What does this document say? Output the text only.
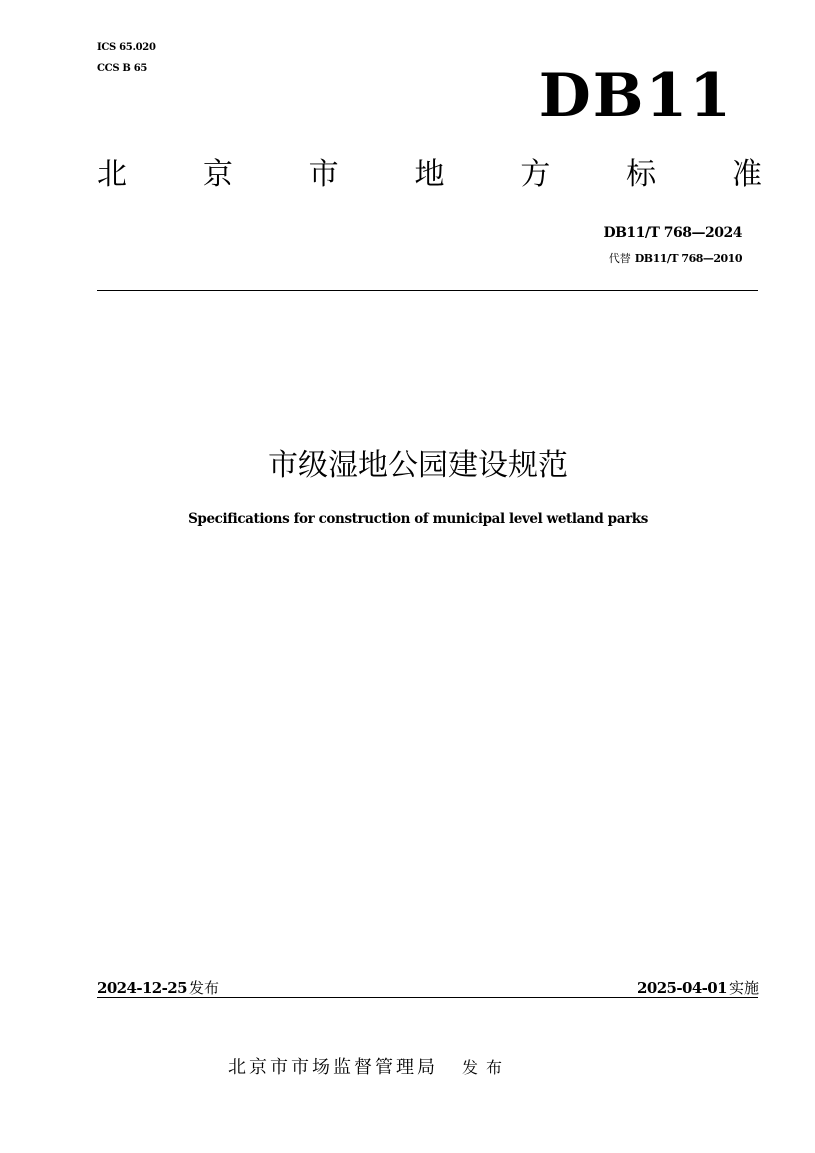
ICS 65.020
CCS B 65	DB11
北	京	市	地	方	标	准
DB11/T 768—2024
代替 DB11/T 768—2010
市级湿地公园建设规范
Specifications for construction of municipal level wetland parks
2024-12-25 发布	2025-04-01 实施
北京市市场监督管理局 发布
